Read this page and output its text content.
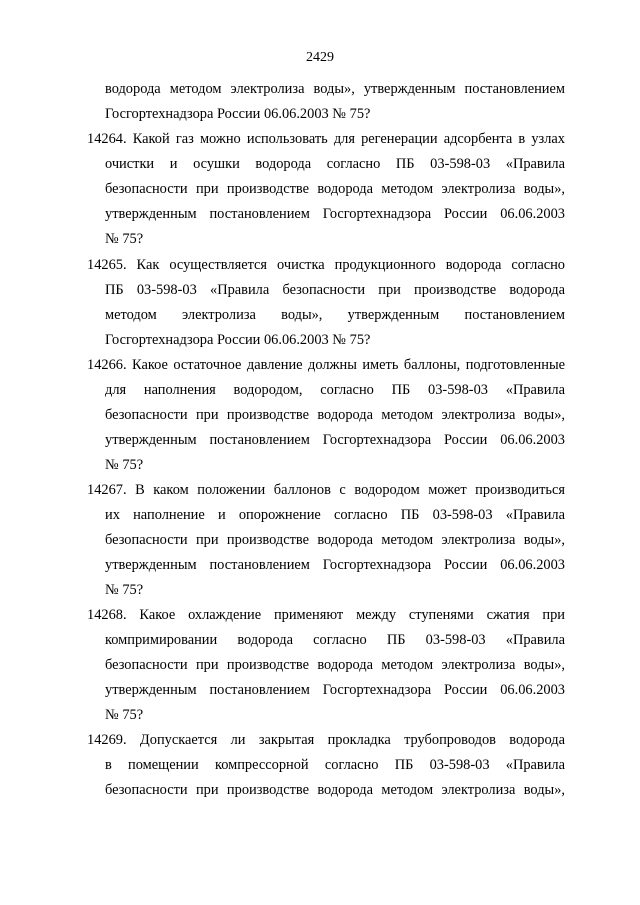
2429
водорода методом электролиза воды», утвержденным постановлением
Госгортехнадзора России 06.06.2003 № 75?
14264. Какой газ можно использовать для регенерации адсорбента в узлах
очистки и осушки водорода согласно ПБ 03-598-03 «Правила
безопасности при производстве водорода методом электролиза воды»,
утвержденным постановлением Госгортехнадзора России 06.06.2003
№ 75?
14265. Как осуществляется очистка продукционного водорода согласно
ПБ 03-598-03 «Правила безопасности при производстве водорода
методом электролиза воды», утвержденным постановлением
Госгортехнадзора России 06.06.2003 № 75?
14266. Какое остаточное давление должны иметь баллоны, подготовленные
для наполнения водородом, согласно ПБ 03-598-03 «Правила
безопасности при производстве водорода методом электролиза воды»,
утвержденным постановлением Госгортехнадзора России 06.06.2003
№ 75?
14267. В каком положении баллонов с водородом может производиться
их наполнение и опорожнение согласно ПБ 03-598-03 «Правила
безопасности при производстве водорода методом электролиза воды»,
утвержденным постановлением Госгортехнадзора России 06.06.2003
№ 75?
14268. Какое охлаждение применяют между ступенями сжатия при
компримировании водорода согласно ПБ 03-598-03 «Правила
безопасности при производстве водорода методом электролиза воды»,
утвержденным постановлением Госгортехнадзора России 06.06.2003
№ 75?
14269. Допускается ли закрытая прокладка трубопроводов водорода
в помещении компрессорной согласно ПБ 03-598-03 «Правила
безопасности при производстве водорода методом электролиза воды»,
